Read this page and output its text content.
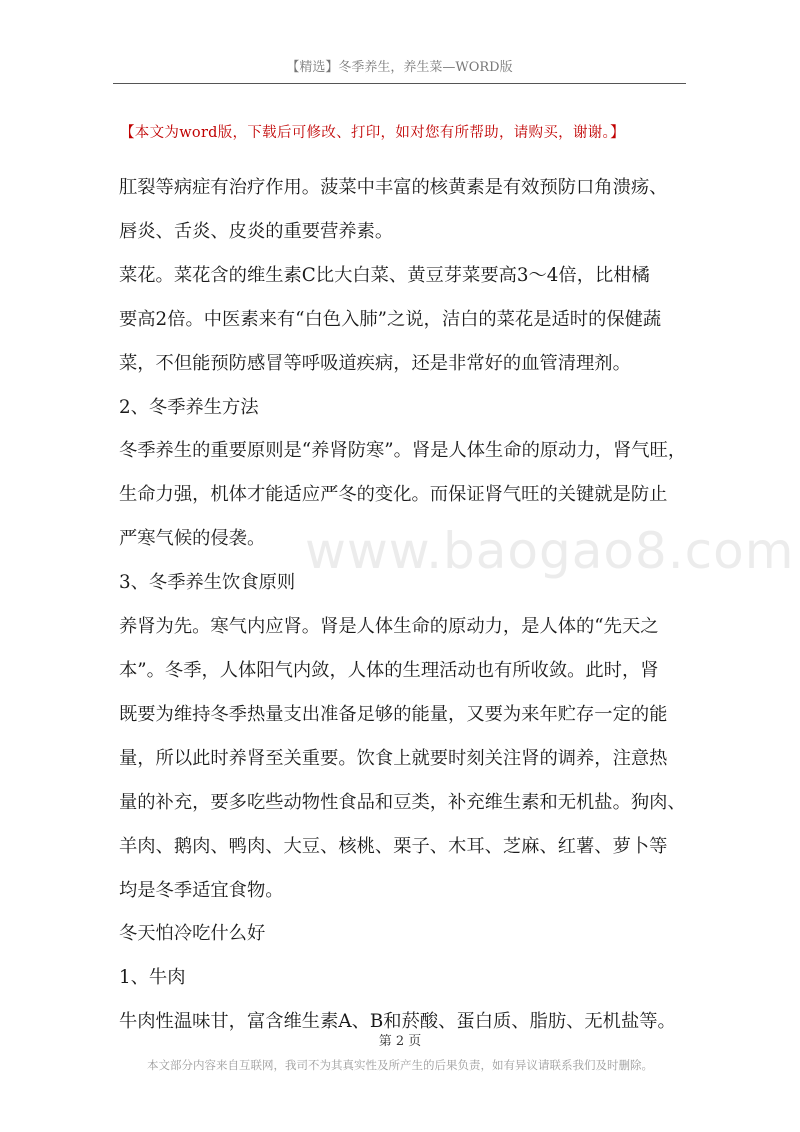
【精选】冬季养生，养生菜—WORD版
【本文为word版，下载后可修改、打印，如对您有所帮助，请购买，谢谢。】
www.baogao8.com

肛裂等病症有治疗作用。菠菜中丰富的核黄素是有效预防口角溃疡、

唇炎、舌炎、皮炎的重要营养素。

菜花。菜花含的维生素C比大白菜、黄豆芽菜要高3～4倍，比柑橘

要高2倍。中医素来有“白色入肺”之说，洁白的菜花是适时的保健蔬

菜，不但能预防感冒等呼吸道疾病，还是非常好的血管清理剂。

2、冬季养生方法

冬季养生的重要原则是“养肾防寒”。肾是人体生命的原动力，肾气旺，

生命力强，机体才能适应严冬的变化。而保证肾气旺的关键就是防止

严寒气候的侵袭。

3、冬季养生饮食原则

养肾为先。寒气内应肾。肾是人体生命的原动力，是人体的“先天之

本”。冬季，人体阳气内敛，人体的生理活动也有所收敛。此时，肾

既要为维持冬季热量支出准备足够的能量，又要为来年贮存一定的能

量，所以此时养肾至关重要。饮食上就要时刻关注肾的调养，注意热

量的补充，要多吃些动物性食品和豆类，补充维生素和无机盐。狗肉、

羊肉、鹅肉、鸭肉、大豆、核桃、栗子、木耳、芝麻、红薯、萝卜等

均是冬季适宜食物。

冬天怕冷吃什么好

1、牛肉

牛肉性温味甘，富含维生素A、B和菸酸、蛋白质、脂肪、无机盐等。

第 2 页
本文部分内容来自互联网，我司不为其真实性及所产生的后果负责，如有异议请联系我们及时删除。
